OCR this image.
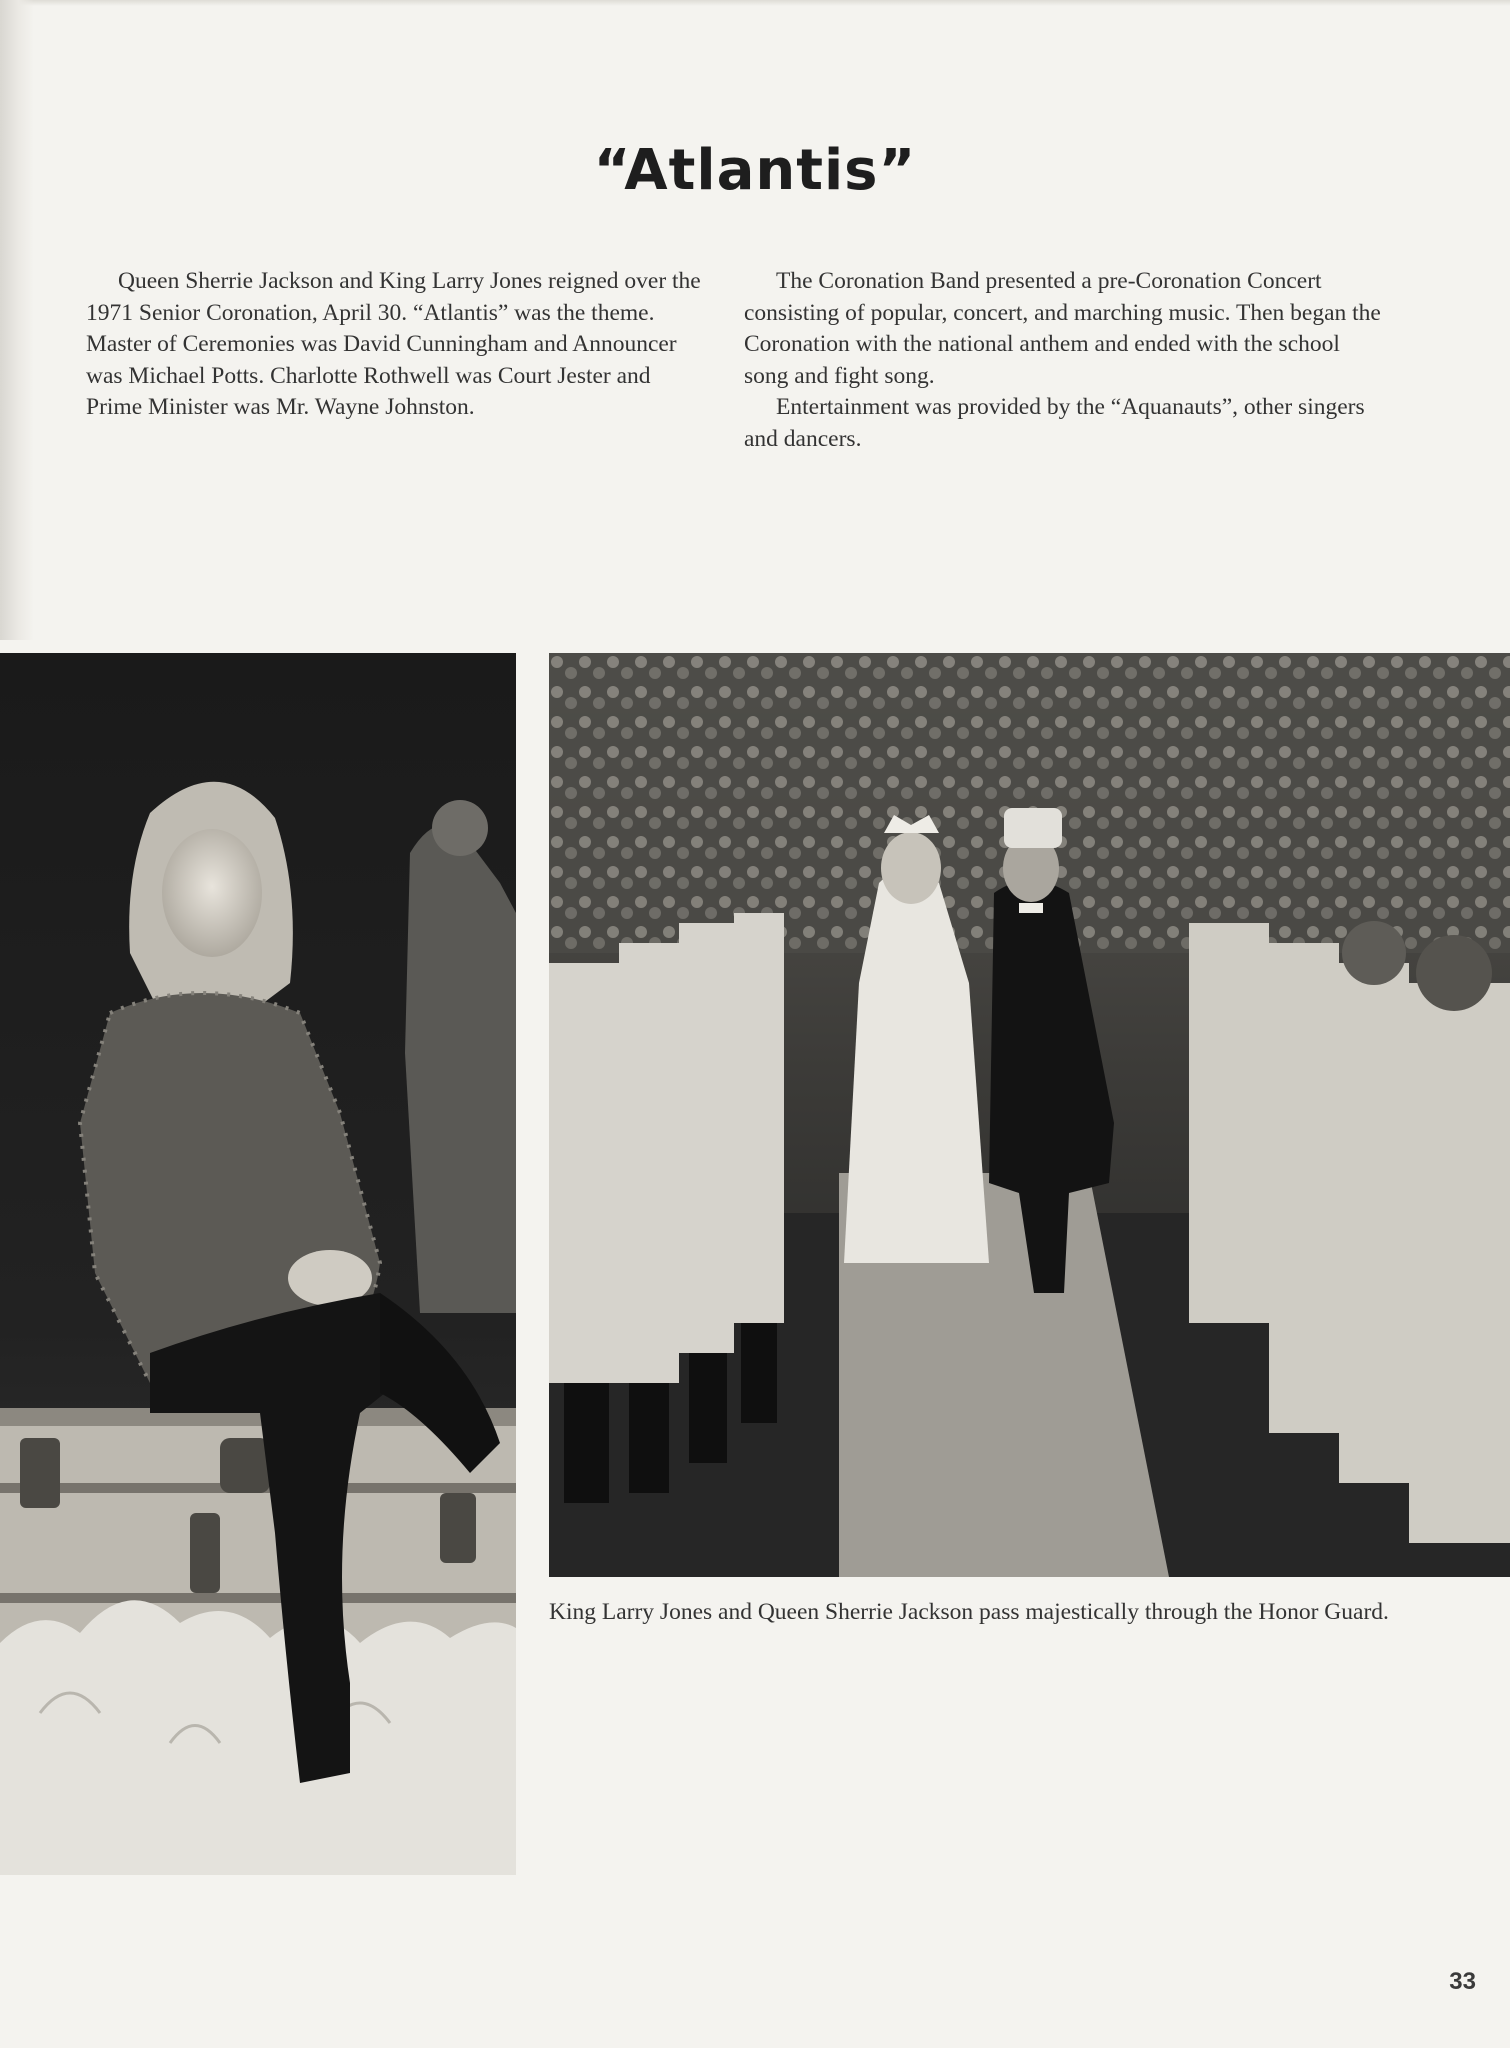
“Atlantis”

Queen Sherrie Jackson and King Larry Jones reigned over the 1971 Senior Coronation, April 30. “Atlantis” was the theme. Master of Ceremonies was David Cunningham and Announcer was Michael Potts. Charlotte Rothwell was Court Jester and Prime Minister was Mr. Wayne Johnston.

The Coronation Band presented a pre-Coronation Concert consisting of popular, concert, and marching music. Then began the Coronation with the national anthem and ended with the school song and fight song.

Entertainment was provided by the “Aquanauts”, other singers and dancers.

King Larry Jones and Queen Sherrie Jackson pass majestically through the Honor Guard.

33
